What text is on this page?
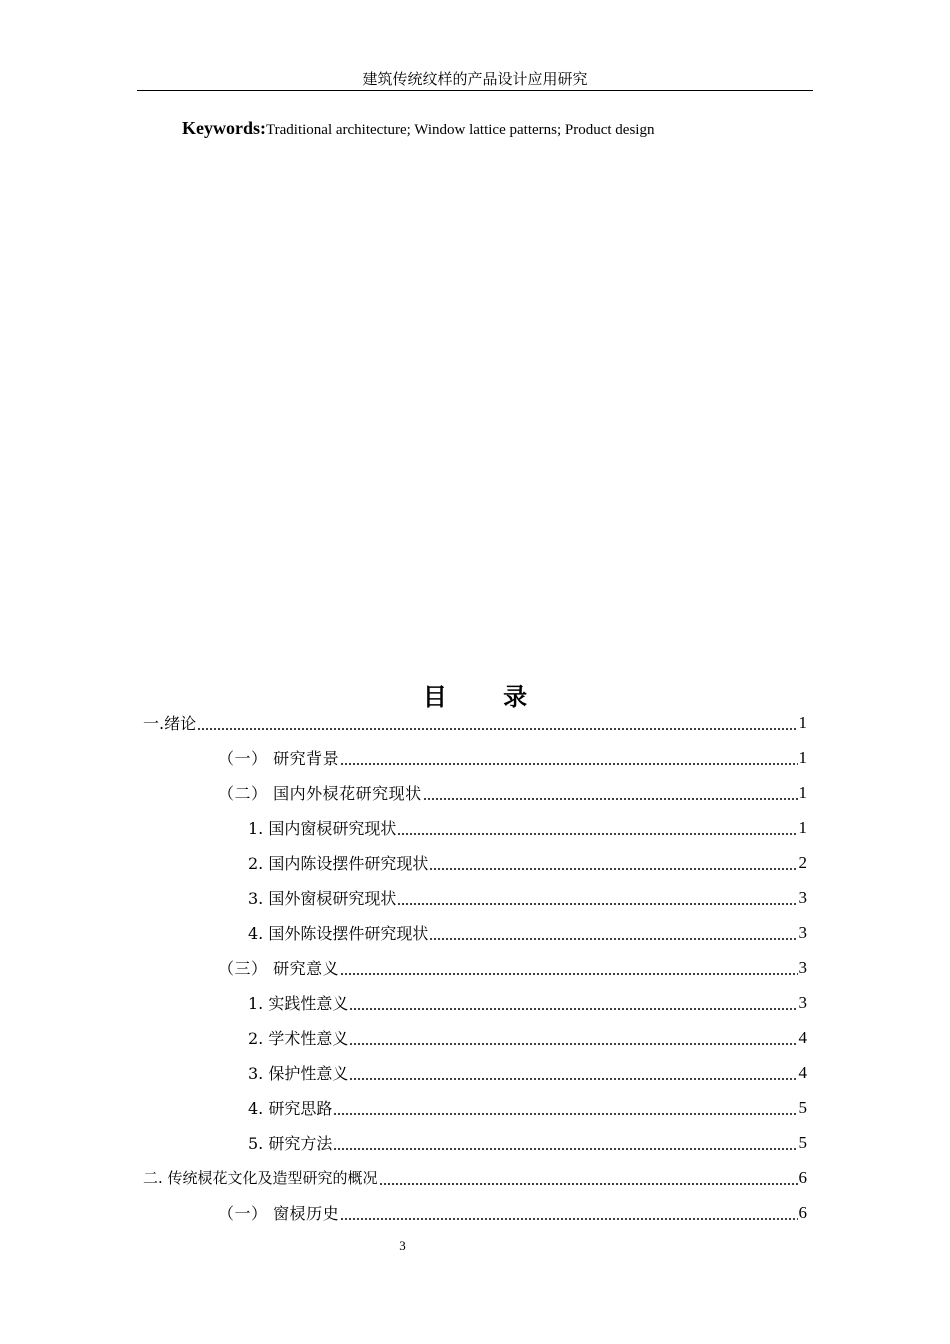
建筑传统纹样的产品设计应用研究
Keywords:Traditional architecture; Window lattice patterns; Product design
目 录
一.绪论	1
（一） 研究背景	1
（二） 国内外棂花研究现状	1
1. 国内窗棂研究现状	1
2. 国内陈设摆件研究现状	2
3. 国外窗棂研究现状	3
4. 国外陈设摆件研究现状	3
（三） 研究意义	3
1. 实践性意义	3
2. 学术性意义	4
3. 保护性意义	4
4. 研究思路	5
5. 研究方法	5
二. 传统棂花文化及造型研究的概况	6
（一） 窗棂历史	6
3
